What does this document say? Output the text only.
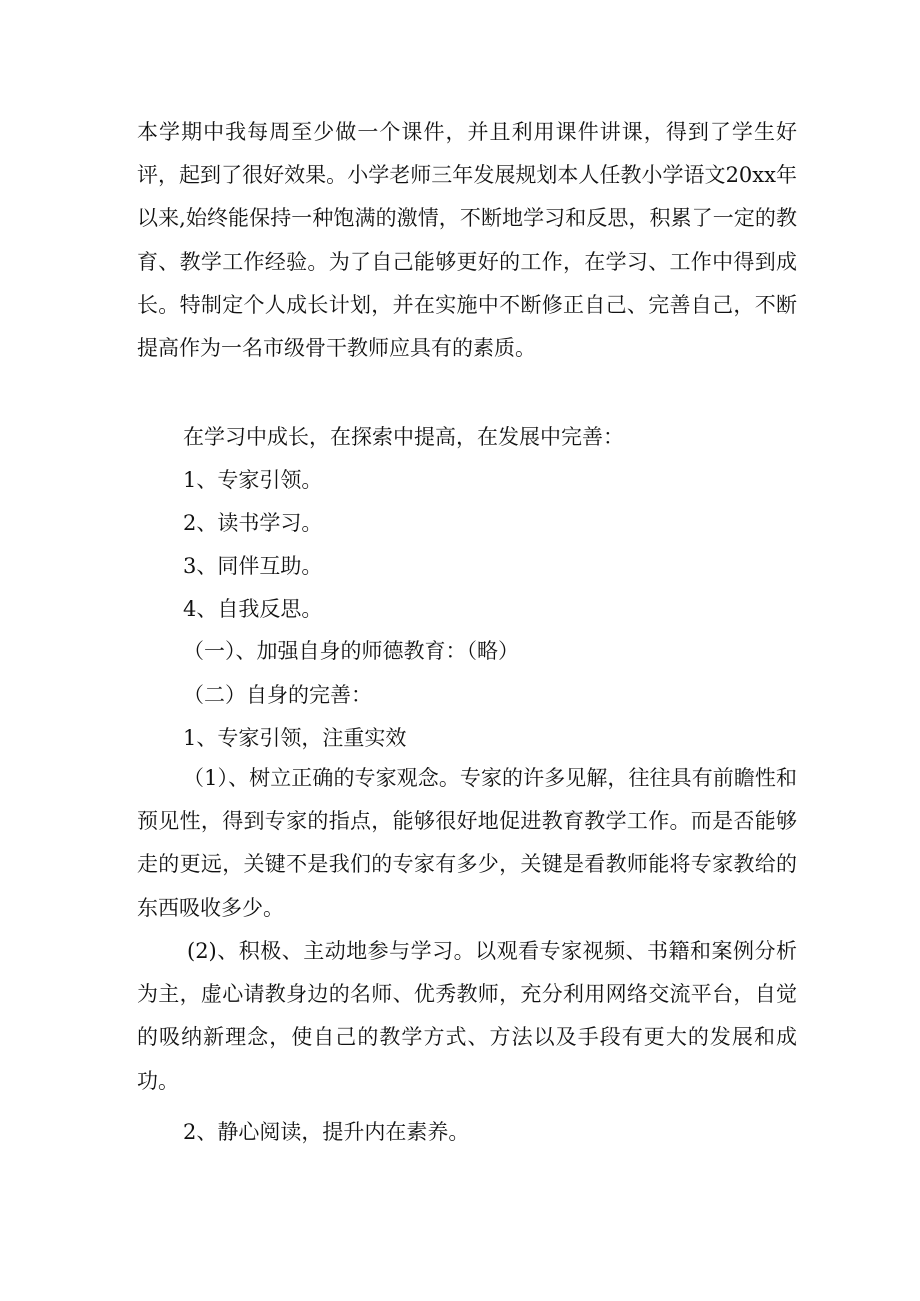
本学期中我每周至少做一个课件，并且利用课件讲课，得到了学生好评，起到了很好效果。小学老师三年发展规划本人任教小学语文20xx年以来,始终能保持一种饱满的激情，不断地学习和反思，积累了一定的教育、教学工作经验。为了自己能够更好的工作，在学习、工作中得到成长。特制定个人成长计划，并在实施中不断修正自己、完善自己，不断提高作为一名市级骨干教师应具有的素质。

在学习中成长，在探索中提高，在发展中完善：

1、专家引领。

2、读书学习。

3、同伴互助。

4、自我反思。

（一）、加强自身的师德教育：（略）

（二）自身的完善：

1、专家引领，注重实效

（1）、树立正确的专家观念。专家的许多见解，往往具有前瞻性和预见性，得到专家的指点，能够很好地促进教育教学工作。而是否能够走的更远，关键不是我们的专家有多少，关键是看教师能将专家教给的东西吸收多少。

(2)、积极、主动地参与学习。以观看专家视频、书籍和案例分析为主，虚心请教身边的名师、优秀教师，充分利用网络交流平台，自觉的吸纳新理念，使自己的教学方式、方法以及手段有更大的发展和成功。

2、静心阅读，提升内在素养。
